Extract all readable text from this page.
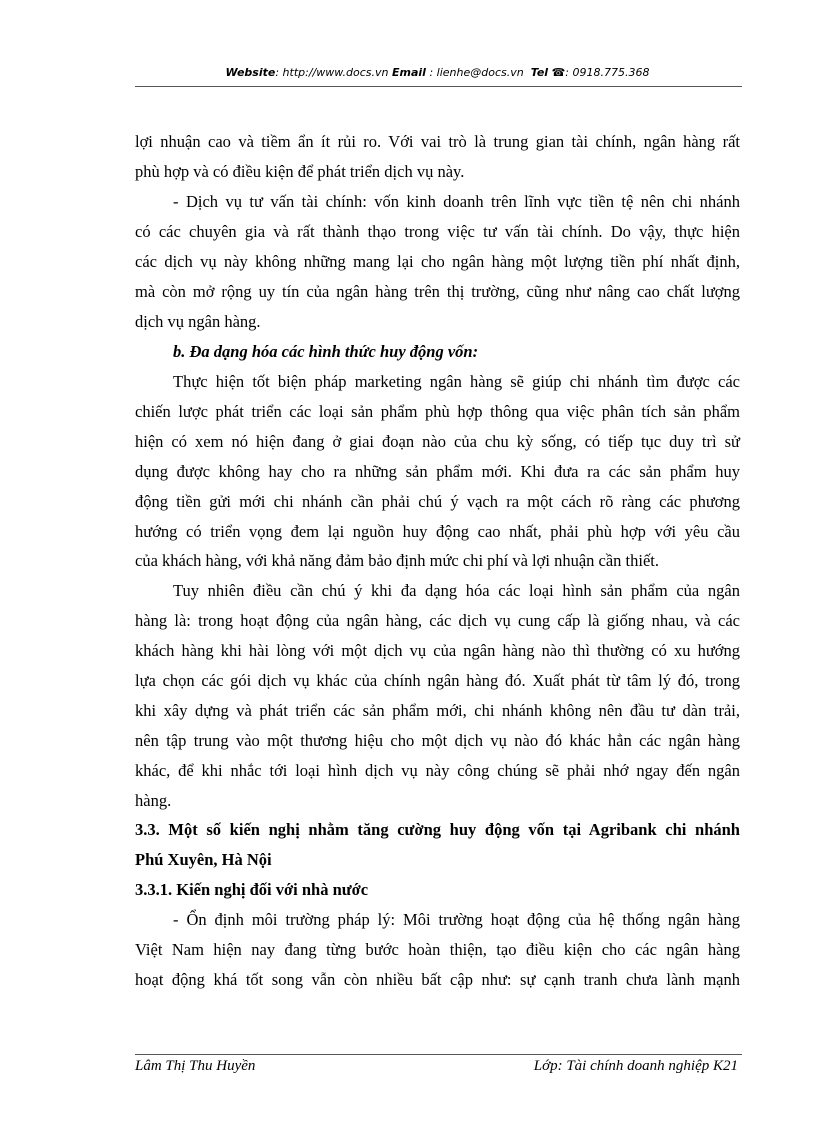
Website: http://www.docs.vn Email : lienhe@docs.vn Tel ☎: 0918.775.368
lợi nhuận cao và tiềm ẩn ít rủi ro. Với vai trò là trung gian tài chính, ngân hàng rất
phù hợp và có điều kiện để phát triển dịch vụ này.
- Dịch vụ tư vấn tài chính: vốn kinh doanh trên lĩnh vực tiền tệ nên chi nhánh
có các chuyên gia và rất thành thạo trong việc tư vấn tài chính. Do vậy, thực hiện
các dịch vụ này không những mang lại cho ngân hàng một lượng tiền phí nhất định,
mà còn mở rộng uy tín của ngân hàng trên thị trường, cũng như nâng cao chất lượng
dịch vụ ngân hàng.
b. Đa dạng hóa các hình thức huy động vốn:
Thực hiện tốt biện pháp marketing ngân hàng sẽ giúp chi nhánh tìm được các
chiến lược phát triển các loại sản phẩm phù hợp thông qua việc phân tích sản phẩm
hiện có xem nó hiện đang ở giai đoạn nào của chu kỳ sống, có tiếp tục duy trì sử
dụng được không hay cho ra những sản phẩm mới. Khi đưa ra các sản phẩm huy
động tiền gửi mới chi nhánh cần phải chú ý vạch ra một cách rõ ràng các phương
hướng có triển vọng đem lại nguồn huy động cao nhất, phải phù hợp với yêu cầu
của khách hàng, với khả năng đảm bảo định mức chi phí và lợi nhuận cần thiết.
Tuy nhiên điều cần chú ý khi đa dạng hóa các loại hình sản phẩm của ngân
hàng là: trong hoạt động của ngân hàng, các dịch vụ cung cấp là giống nhau, và các
khách hàng khi hài lòng với một dịch vụ của ngân hàng nào thì thường có xu hướng
lựa chọn các gói dịch vụ khác của chính ngân hàng đó. Xuất phát từ tâm lý đó, trong
khi xây dựng và phát triển các sản phẩm mới, chi nhánh không nên đầu tư dàn trải,
nên tập trung vào một thương hiệu cho một dịch vụ nào đó khác hẳn các ngân hàng
khác, để khi nhắc tới loại hình dịch vụ này công chúng sẽ phải nhớ ngay đến ngân
hàng.
3.3. Một số kiến nghị nhằm tăng cường huy động vốn tại Agribank chi nhánh
Phú Xuyên, Hà Nội
3.3.1. Kiến nghị đối với nhà nước
- Ổn định môi trường pháp lý: Môi trường hoạt động của hệ thống ngân hàng
Việt Nam hiện nay đang từng bước hoàn thiện, tạo điều kiện cho các ngân hàng
hoạt động khá tốt song vẫn còn nhiều bất cập như: sự cạnh tranh chưa lành mạnh
Lâm Thị Thu Huyền	Lớp: Tài chính doanh nghiệp K21
